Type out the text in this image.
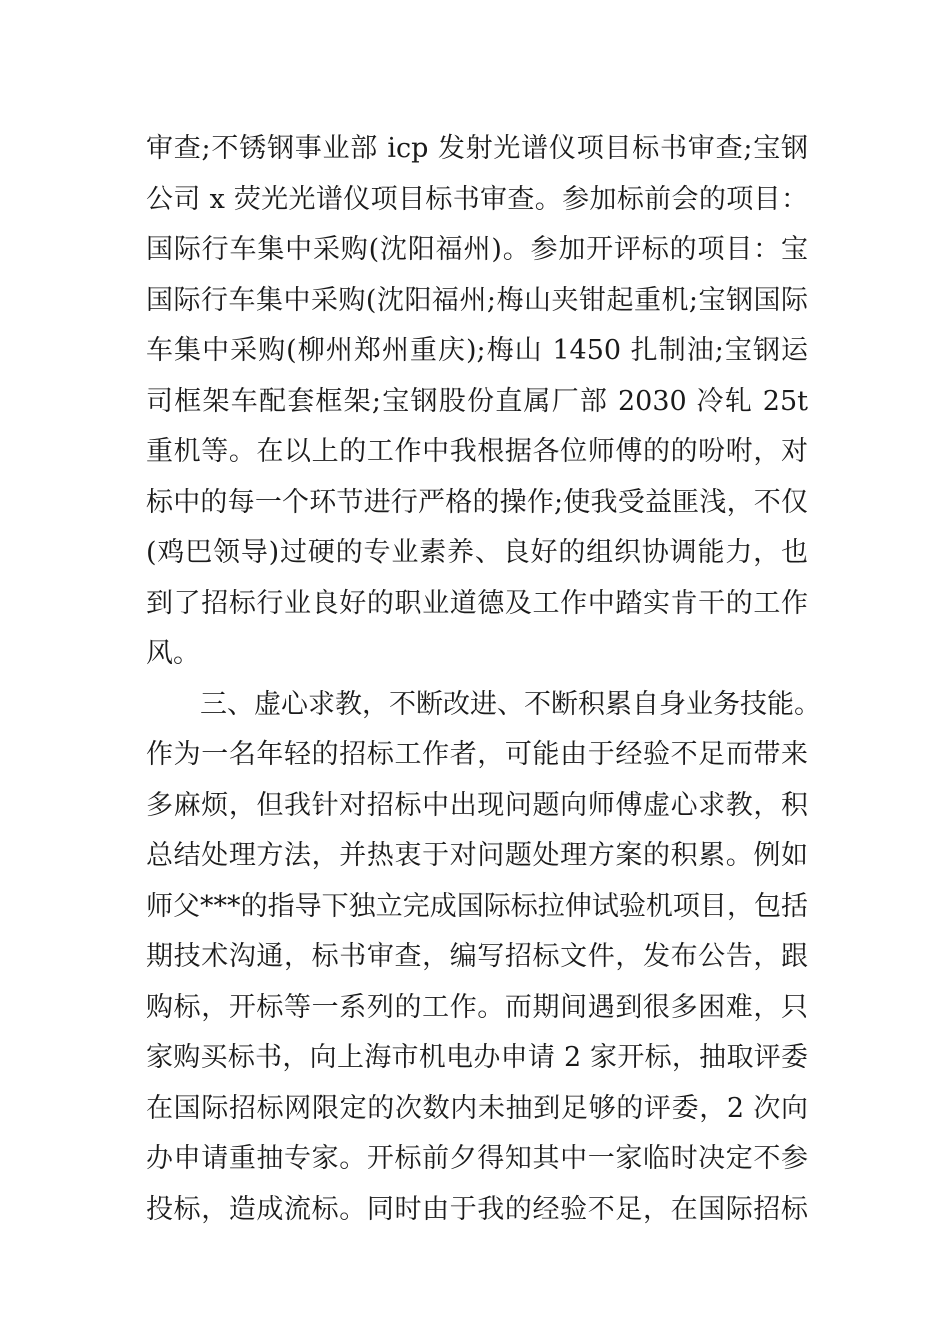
审查;不锈钢事业部 icp 发射光谱仪项目标书审查;宝钢
公司 x 荧光光谱仪项目标书审查。参加标前会的项目：
国际行车集中采购(沈阳福州)。参加开评标的项目：宝
国际行车集中采购(沈阳福州;梅山夹钳起重机;宝钢国际
车集中采购(柳州郑州重庆);梅山 1450 扎制油;宝钢运
司框架车配套框架;宝钢股份直属厂部 2030 冷轧 25t
重机等。在以上的工作中我根据各位师傅的的吩咐，对
标中的每一个环节进行严格的操作;使我受益匪浅，不仅
(鸡巴领导)过硬的专业素养、良好的组织协调能力，也
到了招标行业良好的职业道德及工作中踏实肯干的工作
风。
三、虚心求教，不断改进、不断积累自身业务技能。
作为一名年轻的招标工作者，可能由于经验不足而带来
多麻烦，但我针对招标中出现问题向师傅虚心求教，积
总结处理方法，并热衷于对问题处理方案的积累。例如
师父***的指导下独立完成国际标拉伸试验机项目，包括
期技术沟通，标书审查，编写招标文件，发布公告，跟
购标，开标等一系列的工作。而期间遇到很多困难，只
家购买标书，向上海市机电办申请 2 家开标，抽取评委
在国际招标网限定的次数内未抽到足够的评委，2 次向
办申请重抽专家。开标前夕得知其中一家临时决定不参
投标，造成流标。同时由于我的经验不足，在国际招标
